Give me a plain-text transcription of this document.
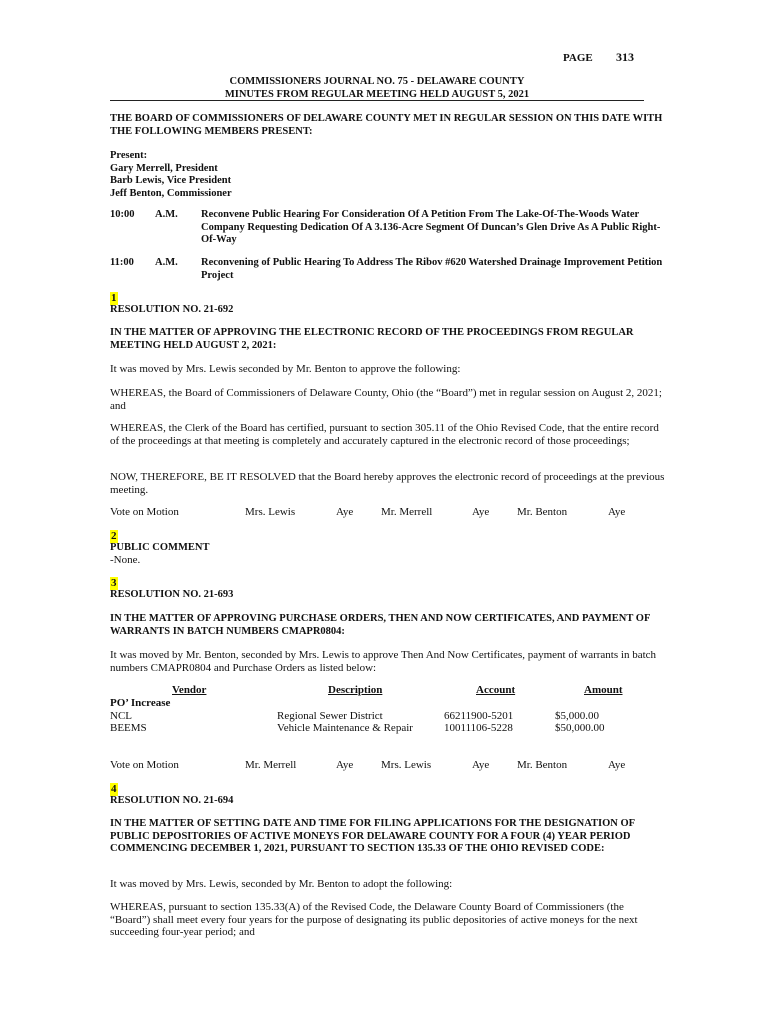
PAGE 313
COMMISSIONERS JOURNAL NO. 75 - DELAWARE COUNTY
MINUTES FROM REGULAR MEETING HELD AUGUST 5, 2021
THE BOARD OF COMMISSIONERS OF DELAWARE COUNTY MET IN REGULAR SESSION ON THIS DATE WITH THE FOLLOWING MEMBERS PRESENT:
Present:
Gary Merrell, President
Barb Lewis, Vice President
Jeff Benton, Commissioner
10:00 A.M. Reconvene Public Hearing For Consideration Of A Petition From The Lake-Of-The-Woods Water Company Requesting Dedication Of A 3.136-Acre Segment Of Duncan’s Glen Drive As A Public Right-Of-Way
11:00 A.M. Reconvening of Public Hearing To Address The Ribov #620 Watershed Drainage Improvement Petition Project
1
RESOLUTION NO. 21-692
IN THE MATTER OF APPROVING THE ELECTRONIC RECORD OF THE PROCEEDINGS FROM REGULAR MEETING HELD AUGUST 2, 2021:
It was moved by Mrs. Lewis seconded by Mr. Benton to approve the following:
WHEREAS, the Board of Commissioners of Delaware County, Ohio (the “Board”) met in regular session on August 2, 2021; and
WHEREAS, the Clerk of the Board has certified, pursuant to section 305.11 of the Ohio Revised Code, that the entire record of the proceedings at that meeting is completely and accurately captured in the electronic record of those proceedings;
NOW, THEREFORE, BE IT RESOLVED that the Board hereby approves the electronic record of proceedings at the previous meeting.
Vote on Motion	Mrs. Lewis	Aye	Mr. Merrell	Aye	Mr. Benton	Aye
2
PUBLIC COMMENT
-None.
3
RESOLUTION NO. 21-693
IN THE MATTER OF APPROVING PURCHASE ORDERS, THEN AND NOW CERTIFICATES, AND PAYMENT OF WARRANTS IN BATCH NUMBERS CMAPR0804:
It was moved by Mr. Benton, seconded by Mrs. Lewis to approve Then And Now Certificates, payment of warrants in batch numbers CMAPR0804 and Purchase Orders as listed below:
Vendor	Description	Account	Amount
PO’ Increase
NCL	Regional Sewer District	66211900-5201	$5,000.00
BEEMS	Vehicle Maintenance & Repair	10011106-5228	$50,000.00
Vote on Motion	Mr. Merrell	Aye	Mrs. Lewis	Aye	Mr. Benton	Aye
4
RESOLUTION NO. 21-694
IN THE MATTER OF SETTING DATE AND TIME FOR FILING APPLICATIONS FOR THE DESIGNATION OF PUBLIC DEPOSITORIES OF ACTIVE MONEYS FOR DELAWARE COUNTY FOR A FOUR (4) YEAR PERIOD COMMENCING DECEMBER 1, 2021, PURSUANT TO SECTION 135.33 OF THE OHIO REVISED CODE:
It was moved by Mrs. Lewis, seconded by Mr. Benton to adopt the following:
WHEREAS, pursuant to section 135.33(A) of the Revised Code, the Delaware County Board of Commissioners (the “Board”) shall meet every four years for the purpose of designating its public depositories of active moneys for the next succeeding four-year period; and
